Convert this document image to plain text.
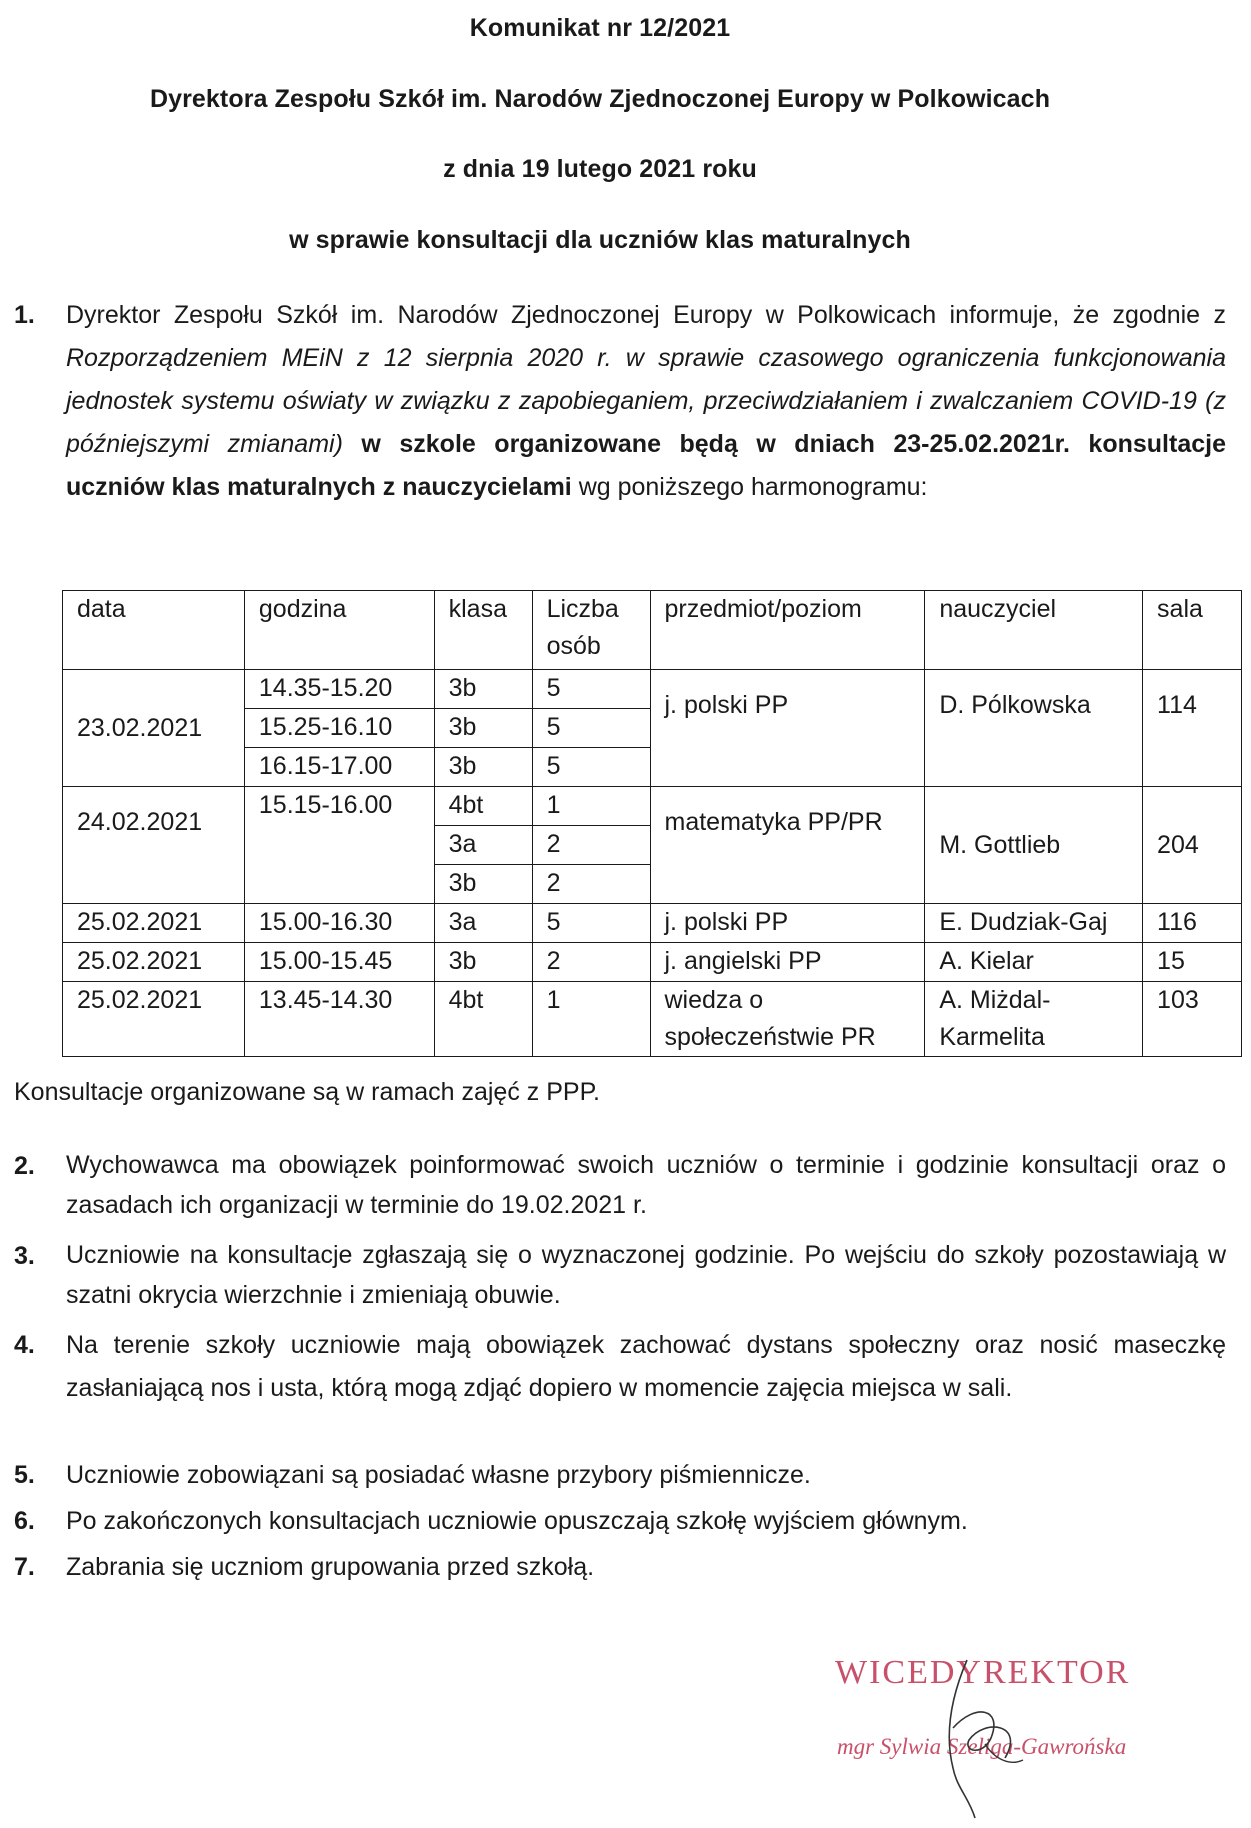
Komunikat nr 12/2021
Dyrektora Zespołu Szkół im. Narodów Zjednoczonej Europy w Polkowicach
z dnia 19 lutego 2021 roku
w sprawie konsultacji dla uczniów klas maturalnych
1.	Dyrektor Zespołu Szkół im. Narodów Zjednoczonej Europy w Polkowicach informuje, że zgodnie z Rozporządzeniem MEiN z 12 sierpnia 2020 r. w sprawie czasowego ograniczenia funkcjonowania jednostek systemu oświaty w związku z zapobieganiem, przeciwdziałaniem i zwalczaniem COVID-19 (z późniejszymi zmianami) w szkole organizowane będą w dniach 23-25.02.2021r. konsultacje uczniów klas maturalnych z nauczycielami wg poniższego harmonogramu:
data	godzina	klasa	Liczba osób	przedmiot/poziom	nauczyciel	sala
23.02.2021	14.35-15.20	3b	5	j. polski PP	D. Pólkowska	114

	15.25-16.10	3b	5			
	16.15-17.00	3b	5			

24.02.2021	15.15-16.00	4bt	1	matematyka PP/PR	M. Gottlieb	204
		3a	2			
		3b	2			
25.02.2021	15.00-16.30	3a	5	j. polski PP	E. Dudziak-Gaj	116
25.02.2021	15.00-15.45	3b	2	j. angielski PP	A. Kielar	15
25.02.2021	13.45-14.30	4bt	1	wiedza o społeczeństwie PR	A. Miżdal-Karmelita	103
Konsultacje organizowane są w ramach zajęć z PPP.
2.	Wychowawca ma obowiązek poinformować swoich uczniów o terminie i godzinie konsultacji oraz o zasadach ich organizacji w terminie do 19.02.2021 r.
3.	Uczniowie na konsultacje zgłaszają się o wyznaczonej godzinie. Po wejściu do szkoły pozostawiają w szatni okrycia wierzchnie i zmieniają obuwie.
4.	Na terenie szkoły uczniowie mają obowiązek zachować dystans społeczny oraz nosić maseczkę zasłaniającą nos i usta, którą mogą zdjąć dopiero w momencie zajęcia miejsca w sali.
5.	Uczniowie zobowiązani są posiadać własne przybory piśmiennicze.
6.	Po zakończonych konsultacjach uczniowie opuszczają szkołę wyjściem głównym.
7.	Zabrania się uczniom grupowania przed szkołą.
WICEDYREKTOR
mgr Sylwia Szeliga-Gawrońska
